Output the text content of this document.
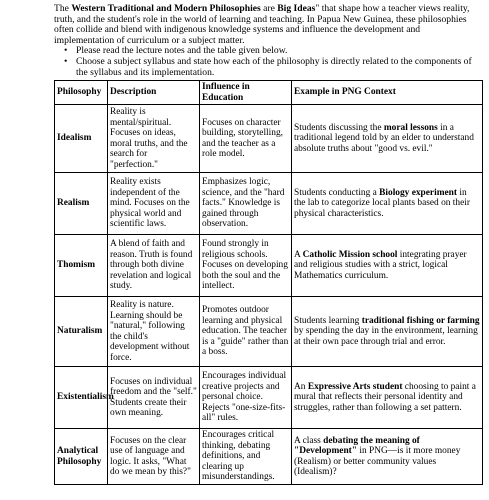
The Western Traditional and Modern Philosophies are Big Ideas" that shape how a teacher views reality, truth, and the student's role in the world of learning and teaching. In Papua New Guinea, these philosophies often collide and blend with indigenous knowledge systems and influence the development and implementation of curriculum or a subject matter.

• Please read the lecture notes and the table given below.
• Choose a subject syllabus and state how each of the philosophy is directly related to the components of the syllabus and its implementation.
Philosophy	Description	Influence in Education	Example in PNG Context
Idealism	Reality is mental/spiritual. Focuses on ideas, moral truths, and the search for "perfection."	Focuses on character building, storytelling, and the teacher as a role model.	Students discussing the moral lessons in a traditional legend told by an elder to understand absolute truths about "good vs. evil."
Realism	Reality exists independent of the mind. Focuses on the physical world and scientific laws.	Emphasizes logic, science, and the "hard facts." Knowledge is gained through observation.	Students conducting a Biology experiment in the lab to categorize local plants based on their physical characteristics.
Thomism	A blend of faith and reason. Truth is found through both divine revelation and logical study.	Found strongly in religious schools. Focuses on developing both the soul and the intellect.	A Catholic Mission school integrating prayer and religious studies with a strict, logical Mathematics curriculum.
Naturalism	Reality is nature. Learning should be "natural," following the child's development without force.	Promotes outdoor learning and physical education. The teacher is a "guide" rather than a boss.	Students learning traditional fishing or farming by spending the day in the environment, learning at their own pace through trial and error.
Existentialism	Focuses on individual freedom and the "self." Students create their own meaning.	Encourages individual creative projects and personal choice. Rejects "one-size-fits-all" rules.	An Expressive Arts student choosing to paint a mural that reflects their personal identity and struggles, rather than following a set pattern.
Analytical Philosophy	Focuses on the clear use of language and logic. It asks, "What do we mean by this?"	Encourages critical thinking, debating definitions, and clearing up misunderstandings.	A class debating the meaning of "Development" in PNG—is it more money (Realism) or better community values (Idealism)?
